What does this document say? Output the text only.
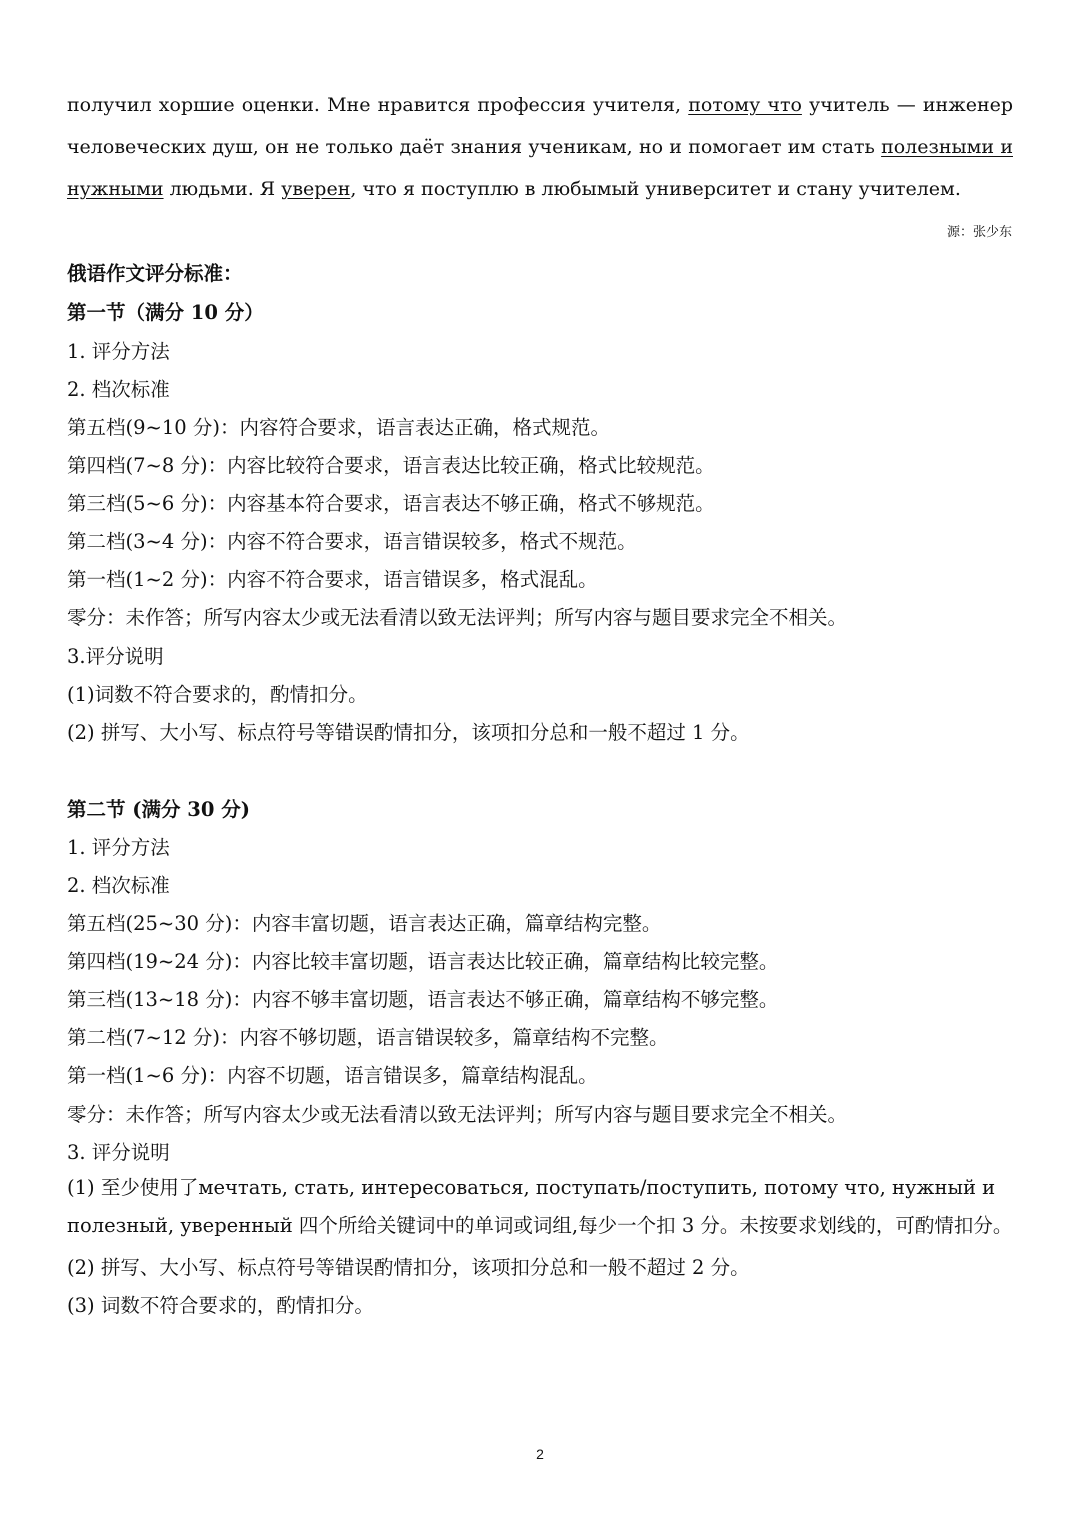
получил хоршие оценки. Мне нравится профессия учителя, потому что учитель — инженер человеческих душ, он не только даёт знания ученикам, но и помогает им стать полезными и нужными людьми. Я уверен, что я поступлю в любымый университет и стану учителем.
源：张少东
俄语作文评分标准：
第一节（满分 10 分）
1. 评分方法
2. 档次标准
第五档(9~10 分)：内容符合要求，语言表达正确，格式规范。
第四档(7~8 分)：内容比较符合要求，语言表达比较正确，格式比较规范。
第三档(5~6 分)：内容基本符合要求，语言表达不够正确，格式不够规范。
第二档(3~4 分)：内容不符合要求，语言错误较多，格式不规范。
第一档(1~2 分)：内容不符合要求，语言错误多，格式混乱。
零分：未作答；所写内容太少或无法看清以致无法评判；所写内容与题目要求完全不相关。
3.评分说明
(1)词数不符合要求的，酌情扣分。
(2) 拼写、大小写、标点符号等错误酌情扣分，该项扣分总和一般不超过 1 分。
第二节 (满分 30 分)
1. 评分方法
2. 档次标准
第五档(25~30 分)：内容丰富切题，语言表达正确，篇章结构完整。
第四档(19~24 分)：内容比较丰富切题，语言表达比较正确，篇章结构比较完整。
第三档(13~18 分)：内容不够丰富切题，语言表达不够正确，篇章结构不够完整。
第二档(7~12 分)：内容不够切题，语言错误较多，篇章结构不完整。
第一档(1~6 分)：内容不切题，语言错误多，篇章结构混乱。
零分：未作答；所写内容太少或无法看清以致无法评判；所写内容与题目要求完全不相关。
3. 评分说明
(1) 至少使用了мечтать, стать, интересоваться, поступать/поступить, потому что, нужный и полезный, уверенный 四个所给关键词中的单词或词组,每少一个扣 3 分。未按要求划线的，可酌情扣分。
(2) 拼写、大小写、标点符号等错误酌情扣分，该项扣分总和一般不超过 2 分。
(3) 词数不符合要求的，酌情扣分。
2
